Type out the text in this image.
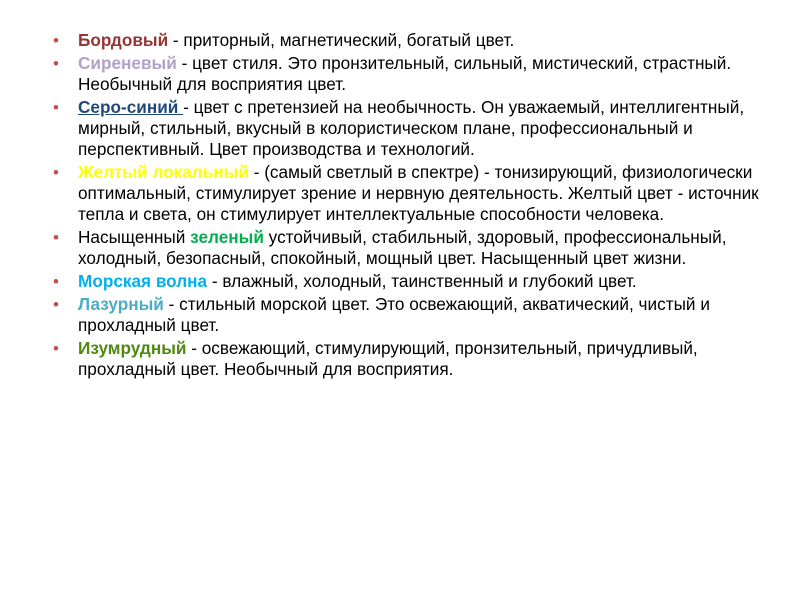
• Бордовый - приторный, магнетический, богатый цвет.
• Сиреневый - цвет стиля. Это пронзительный, сильный, мистический, страстный. Необычный для восприятия цвет.
• Серо-синий - цвет с претензией на необычность. Он уважаемый, интеллигентный, мирный, стильный, вкусный в колористическом плане, профессиональный и перспективный. Цвет производства и технологий.
• Желтый локальный - (самый светлый в спектре) - тонизирующий, физиологически оптимальный, стимулирует зрение и нервную деятельность. Желтый цвет - источник тепла и света, он стимулирует интеллектуальные способности человека.
• Насыщенный зеленый устойчивый, стабильный, здоровый, профессиональный, холодный, безопасный, спокойный, мощный цвет. Насыщенный цвет жизни.
• Морская волна - влажный, холодный, таинственный и глубокий цвет.
• Лазурный - стильный морской цвет. Это освежающий, акватический, чистый и прохладный цвет.
• Изумрудный - освежающий, стимулирующий, пронзительный, причудливый, прохладный цвет. Необычный для восприятия.
